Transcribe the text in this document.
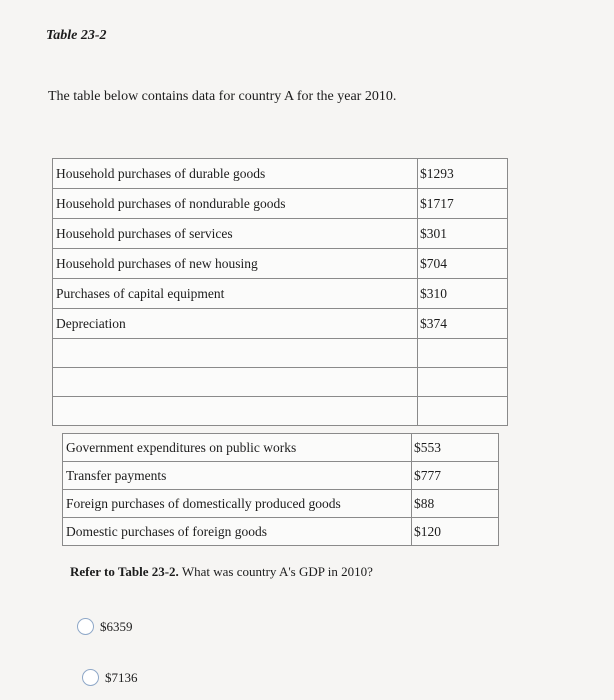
Table 23-2
The table below contains data for country A for the year 2010.
Household purchases of durable goods	$1293
Household purchases of nondurable goods	$1717
Household purchases of services	$301
Household purchases of new housing	$704
Purchases of capital equipment	$310
Depreciation	$374

Government expenditures on public works	$553
Transfer payments	$777
Foreign purchases of domestically produced goods	$88
Domestic purchases of foreign goods	$120
Refer to Table 23-2. What was country A's GDP in 2010?
$6359
$7136
